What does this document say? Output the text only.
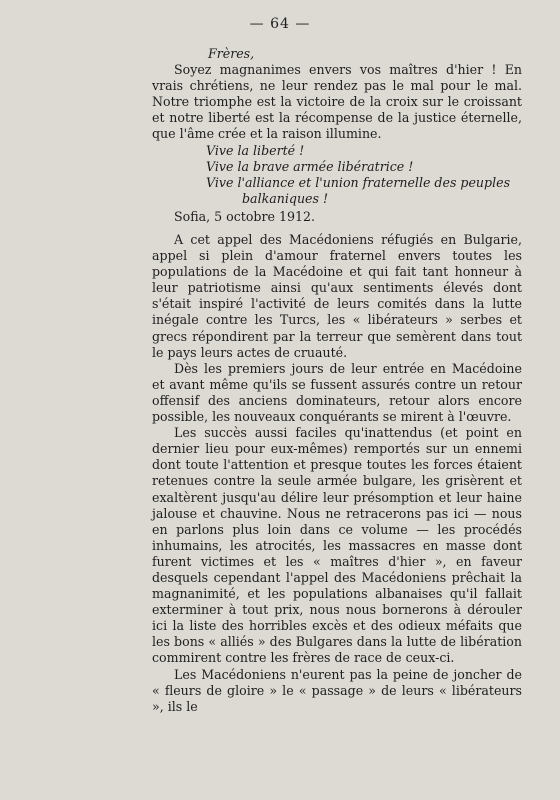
— 64 —

Frères,

Soyez magnanimes envers vos maîtres d'hier ! En vrais chrétiens, ne leur rendez pas le mal pour le mal. Notre triomphe est la victoire de la croix sur le croissant et notre liberté est la récompense de la justice éternelle, que l'âme crée et la raison illumine.

Vive la liberté !
Vive la brave armée libératrice !
Vive l'alliance et l'union fraternelle des peuples
balkaniques !

Sofia, 5 octobre 1912.

A cet appel des Macédoniens réfugiés en Bulgarie, appel si plein d'amour fraternel envers toutes les populations de la Macédoine et qui fait tant honneur à leur patriotisme ainsi qu'aux sentiments élevés dont s'était inspiré l'activité de leurs comités dans la lutte inégale contre les Turcs, les « libérateurs » serbes et grecs répondirent par la terreur que semèrent dans tout le pays leurs actes de cruauté.

Dès les premiers jours de leur entrée en Macédoine et avant même qu'ils se fussent assurés contre un retour offensif des anciens dominateurs, retour alors encore possible, les nouveaux conquérants se mirent à l'œuvre.

Les succès aussi faciles qu'inattendus (et point en dernier lieu pour eux-mêmes) remportés sur un ennemi dont toute l'attention et presque toutes les forces étaient retenues contre la seule armée bulgare, les grisèrent et exaltèrent jusqu'au délire leur présomption et leur haine jalouse et chauvine. Nous ne retracerons pas ici — nous en parlons plus loin dans ce volume — les procédés inhumains, les atrocités, les massacres en masse dont furent victimes et les « maîtres d'hier », en faveur desquels cependant l'appel des Macédoniens prêchait la magnanimité, et les populations albanaises qu'il fallait exterminer à tout prix, nous nous bornerons à dérouler ici la liste des horribles excès et des odieux méfaits que les bons « alliés » des Bulgares dans la lutte de libération commirent contre les frères de race de ceux-ci.

Les Macédoniens n'eurent pas la peine de joncher de « fleurs de gloire » le « passage » de leurs « libérateurs », ils le
